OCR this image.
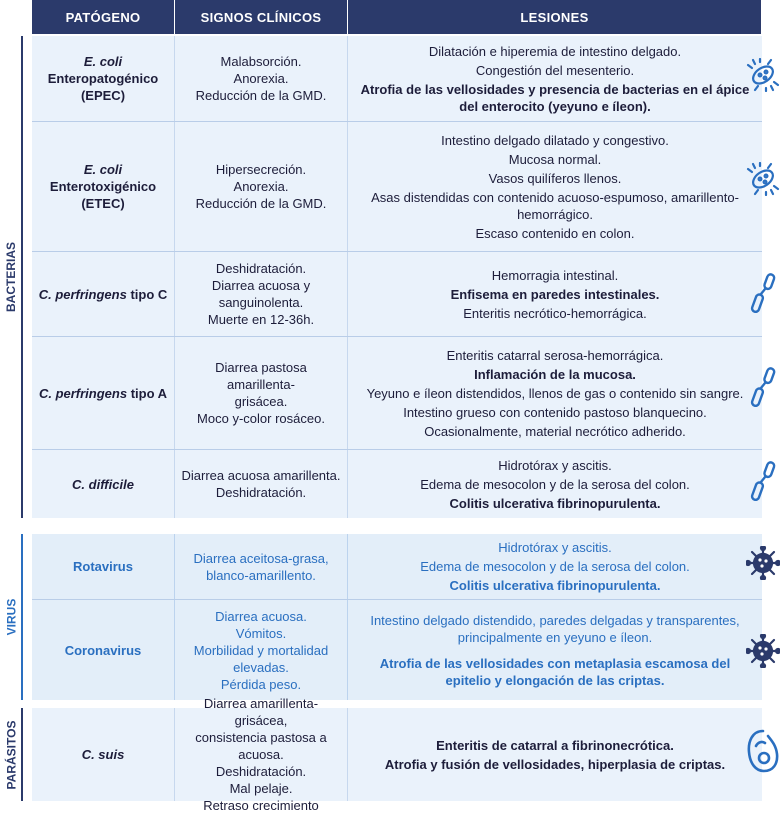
PATÓGENO	SIGNOS CLÍNICOS	LESIONES
BACTERIAS
VIRUS
PARÁSITOS
E. coli
Enteropatogénico
(EPEC)
Malabsorción.
Anorexia.
Reducción de la GMD.

Dilatación e hiperemia de intestino delgado.

Congestión del mesenterio.

Atrofia de las vellosidades y presencia de bacterias en el ápice del enterocito (yeyuno e íleon).

E. coli
Enterotoxigénico
(ETEC)
Hipersecreción.
Anorexia.
Reducción de la GMD.

Intestino delgado dilatado y congestivo.

Mucosa normal.

Vasos quilíferos llenos.

Asas distendidas con contenido acuoso-espumoso, amarillento-hemorrágico.

Escaso contenido en colon.

C. perfringens tipo C
Deshidratación.
Diarrea acuosa y
sanguinolenta.
Muerte en 12-36h.

Hemorragia intestinal.

Enfisema en paredes intestinales.

Enteritis necrótico-hemorrágica.

C. perfringens tipo A
Diarrea pastosa amarillenta-
grisácea.
Moco y-color rosáceo.

Enteritis catarral serosa-hemorrágica.

Inflamación de la mucosa.

Yeyuno e íleon distendidos, llenos de gas o contenido sin sangre.

Intestino grueso con contenido pastoso blanquecino.

Ocasionalmente, material necrótico adherido.

C. difficile
Diarrea acuosa amarillenta.
Deshidratación.

Hidrotórax y ascitis.

Edema de mesocolon y de la serosa del colon.

Colitis ulcerativa fibrinopurulenta.

Rotavirus
Diarrea aceitosa-grasa,
blanco-amarillento.

Hidrotórax y ascitis.

Edema de mesocolon y de la serosa del colon.

Colitis ulcerativa fibrinopurulenta.

Coronavirus
Diarrea acuosa.
Vómitos.
Morbilidad y mortalidad
elevadas.
Pérdida peso.

Intestino delgado distendido, paredes delgadas y transparentes, principalmente en yeyuno e íleon.

Atrofia de las vellosidades con metaplasia escamosa del epitelio y elongación de las criptas.

C. suis
Diarrea amarillenta-grisácea,
consistencia pastosa a acuosa.
Deshidratación.
Mal pelaje.
Retraso crecimiento

Enteritis de catarral a fibrinonecrótica.

Atrofia y fusión de vellosidades, hiperplasia de criptas.
